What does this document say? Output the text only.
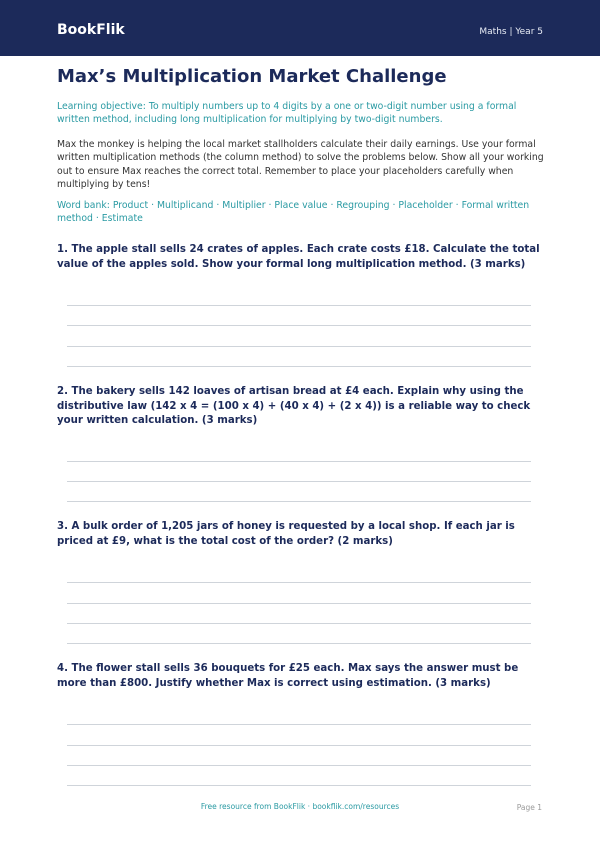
BookFlik	Maths | Year 5
Max’s Multiplication Market Challenge
Learning objective: To multiply numbers up to 4 digits by a one or two-digit number using a formal written method, including long multiplication for multiplying by two-digit numbers.
Max the monkey is helping the local market stallholders calculate their daily earnings. Use your formal written multiplication methods (the column method) to solve the problems below. Show all your working out to ensure Max reaches the correct total. Remember to place your placeholders carefully when multiplying by tens!
Word bank: Product · Multiplicand · Multiplier · Place value · Regrouping · Placeholder · Formal written method · Estimate
1. The apple stall sells 24 crates of apples. Each crate costs £18. Calculate the total value of the apples sold. Show your formal long multiplication method. (3 marks)
2. The bakery sells 142 loaves of artisan bread at £4 each. Explain why using the distributive law (142 x 4 = (100 x 4) + (40 x 4) + (2 x 4)) is a reliable way to check your written calculation. (3 marks)
3. A bulk order of 1,205 jars of honey is requested by a local shop. If each jar is priced at £9, what is the total cost of the order? (2 marks)
4. The flower stall sells 36 bouquets for £25 each. Max says the answer must be more than £800. Justify whether Max is correct using estimation. (3 marks)
Free resource from BookFlik · bookflik.com/resources	Page 1
